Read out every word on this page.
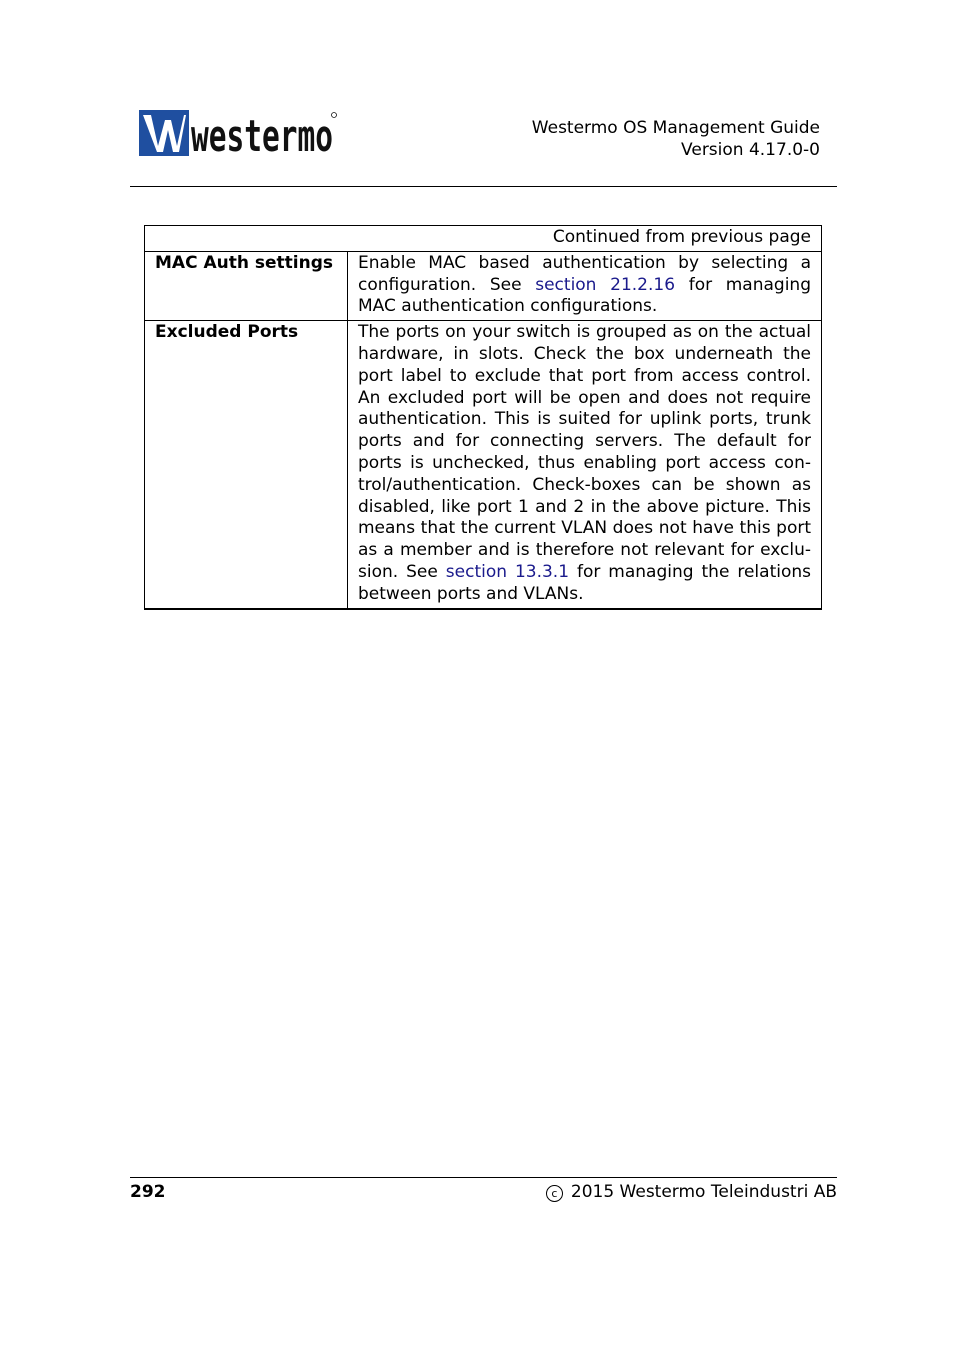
westermo	Westermo OS Management Guide
Version 4.17.0-0
Continued from previous page	
MAC Auth settings	Enable MAC based authentication by selecting a configuration. See section 21.2.16 for managing MAC authentication configurations.
Excluded Ports	The ports on your switch is grouped as on the actual hardware, in slots. Check the box underneath the port label to exclude that port from access control. An excluded port will be open and does not require authentication. This is suited for uplink ports, trunk ports and for connecting servers. The default for ports is unchecked, thus enabling port access control/authentication. Check-boxes can be shown as disabled, like port 1 and 2 in the above picture. This means that the current VLAN does not have this port as a member and is therefore not relevant for exclusion. See section 13.3.1 for managing the relations between ports and VLANs.
292	c 2015 Westermo Teleindustri AB
